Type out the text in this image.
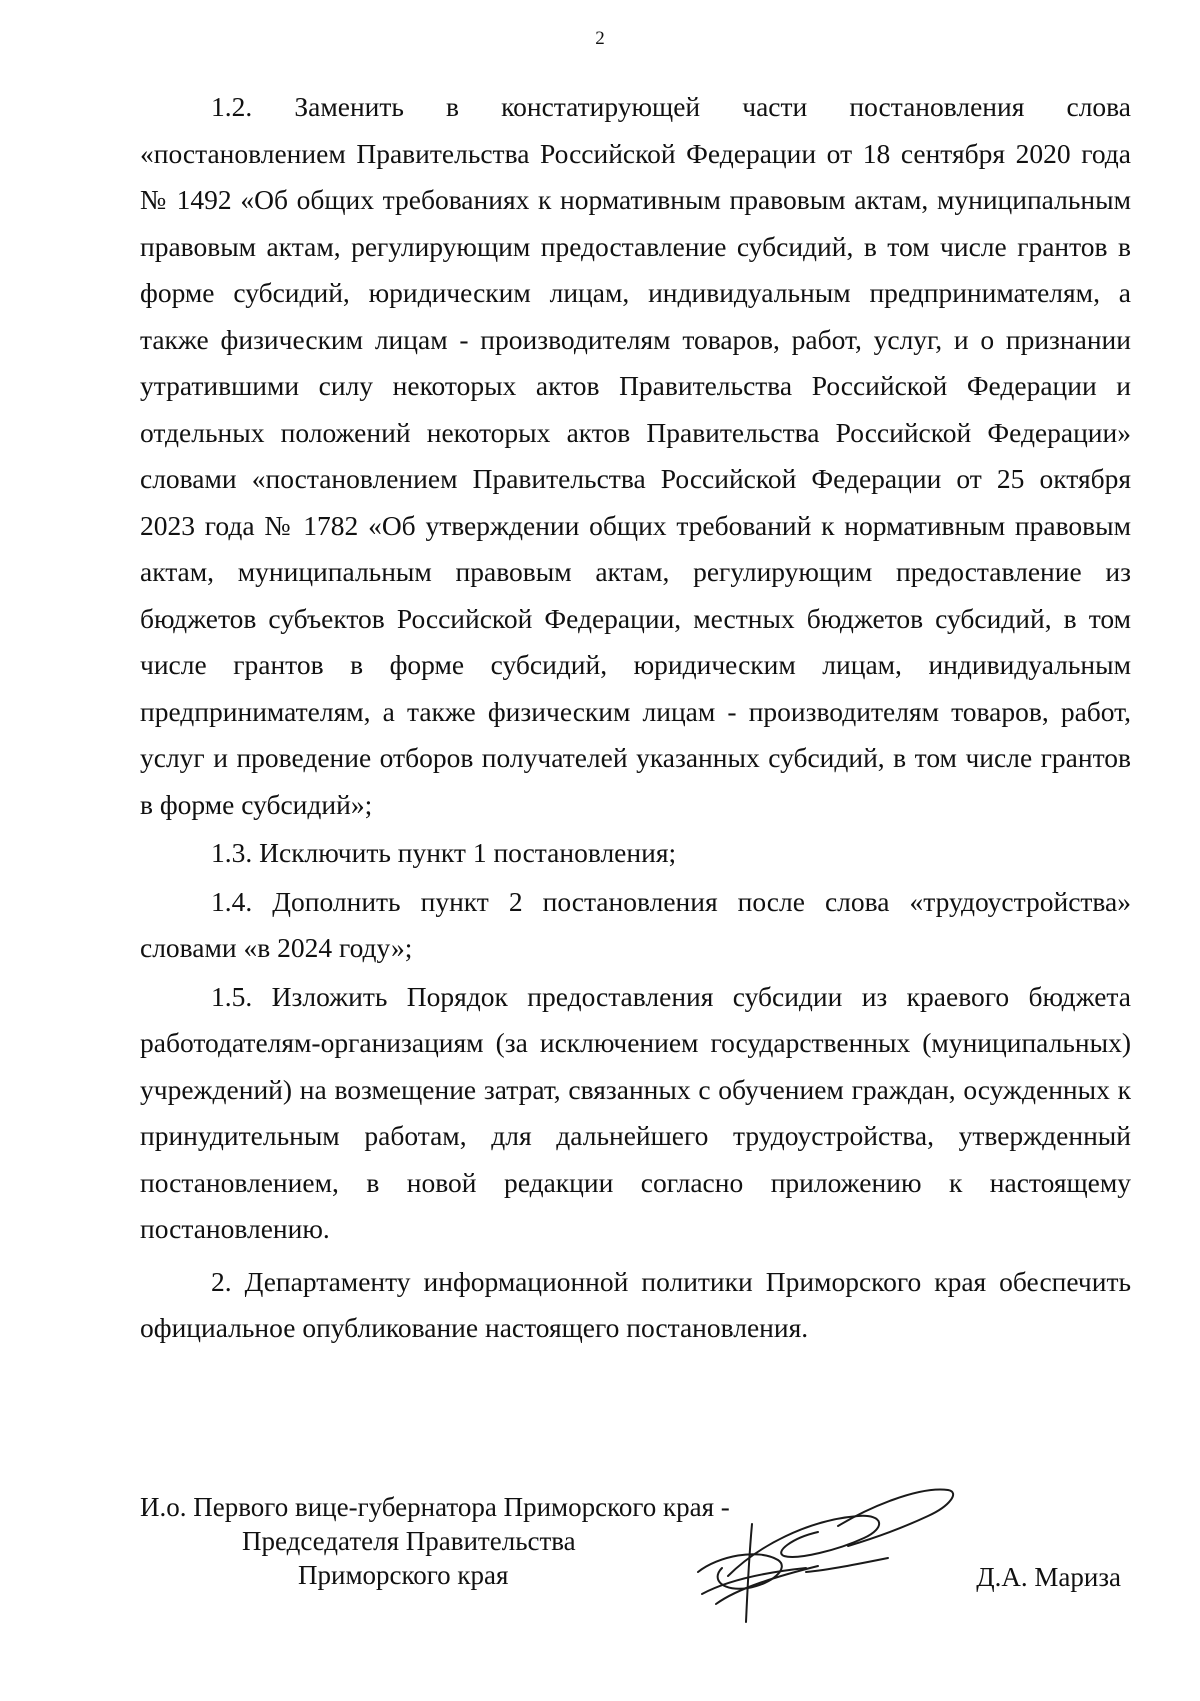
2

1.2. Заменить в констатирующей части постановления слова «постановлением Правительства Российской Федерации от 18 сентября 2020 года № 1492 «Об общих требованиях к нормативным правовым актам, муниципальным правовым актам, регулирующим предоставление субсидий, в том числе грантов в форме субсидий, юридическим лицам, индивидуальным предпринимателям, а также физическим лицам - производителям товаров, работ, услуг, и о признании утратившими силу некоторых актов Правительства Российской Федерации и отдельных положений некоторых актов Правительства Российской Федерации» словами «постановлением Правительства Российской Федерации от 25 октября 2023 года № 1782 «Об утверждении общих требований к нормативным правовым актам, муниципальным правовым актам, регулирующим предоставление из бюджетов субъектов Российской Федерации, местных бюджетов субсидий, в том числе грантов в форме субсидий, юридическим лицам, индивидуальным предпринимателям, а также физическим лицам - производителям товаров, работ, услуг и проведение отборов получателей указанных субсидий, в том числе грантов в форме субсидий»;

1.3. Исключить пункт 1 постановления;

1.4. Дополнить пункт 2 постановления после слова «трудоустройства» словами «в 2024 году»;

1.5. Изложить Порядок предоставления субсидии из краевого бюджета работодателям-организациям (за исключением государственных (муниципальных) учреждений) на возмещение затрат, связанных с обучением граждан, осужденных к принудительным работам, для дальнейшего трудоустройства, утвержденный постановлением, в новой редакции согласно приложению к настоящему постановлению.

2. Департаменту информационной политики Приморского края обеспечить официальное опубликование настоящего постановления.

И.о. Первого вице-губернатора Приморского края -
Председателя Правительства
Приморского края	Д.А. Мариза
